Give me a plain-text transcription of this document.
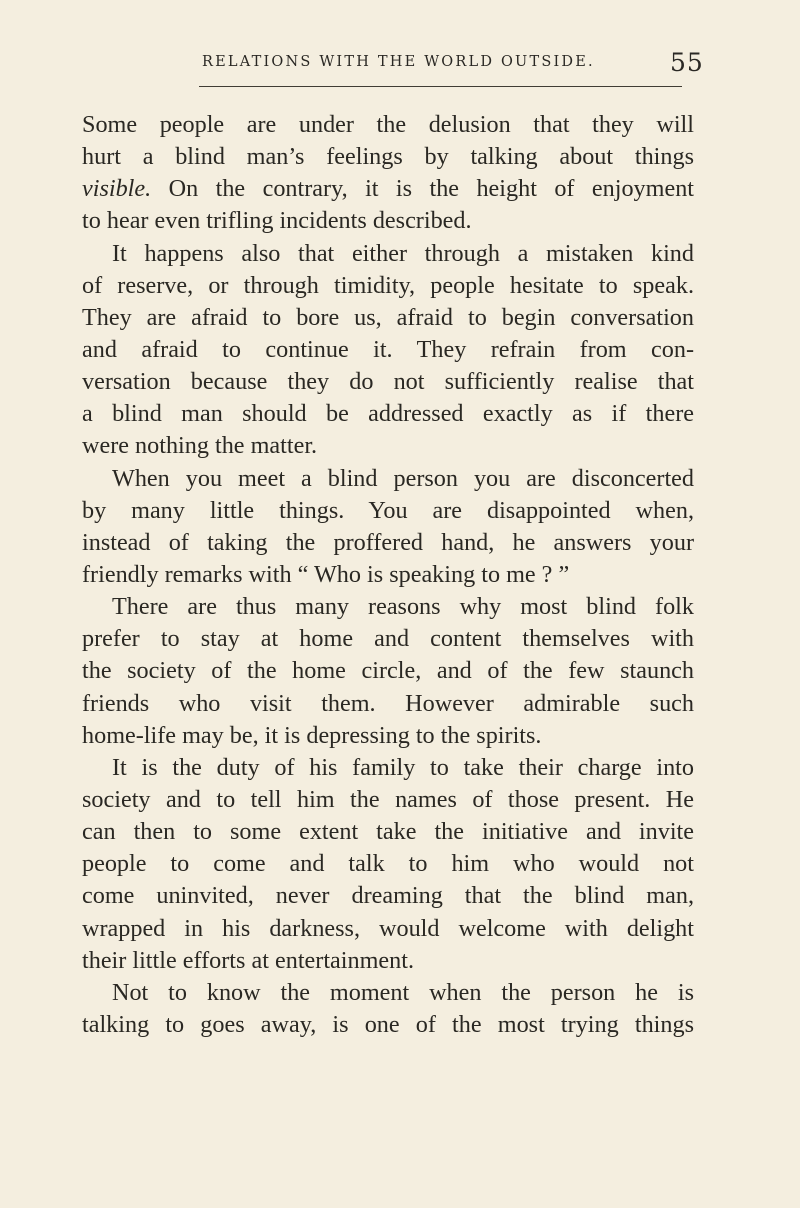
RELATIONS WITH THE WORLD OUTSIDE.	55
Some people are under the delusion that they will
hurt a blind man’s feelings by talking about things
visible. On the contrary, it is the height of enjoyment
to hear even trifling incidents described.
It happens also that either through a mistaken kind
of reserve, or through timidity, people hesitate to speak.
They are afraid to bore us, afraid to begin conversation
and afraid to continue it. They refrain from con-
versation because they do not sufficiently realise that
a blind man should be addressed exactly as if there
were nothing the matter.
When you meet a blind person you are disconcerted
by many little things. You are disappointed when,
instead of taking the proffered hand, he answers your
friendly remarks with “ Who is speaking to me ? ”
There are thus many reasons why most blind folk
prefer to stay at home and content themselves with
the society of the home circle, and of the few staunch
friends who visit them. However admirable such
home-life may be, it is depressing to the spirits.
It is the duty of his family to take their charge into
society and to tell him the names of those present. He
can then to some extent take the initiative and invite
people to come and talk to him who would not
come uninvited, never dreaming that the blind man,
wrapped in his darkness, would welcome with delight
their little efforts at entertainment.
Not to know the moment when the person he is
talking to goes away, is one of the most trying things
